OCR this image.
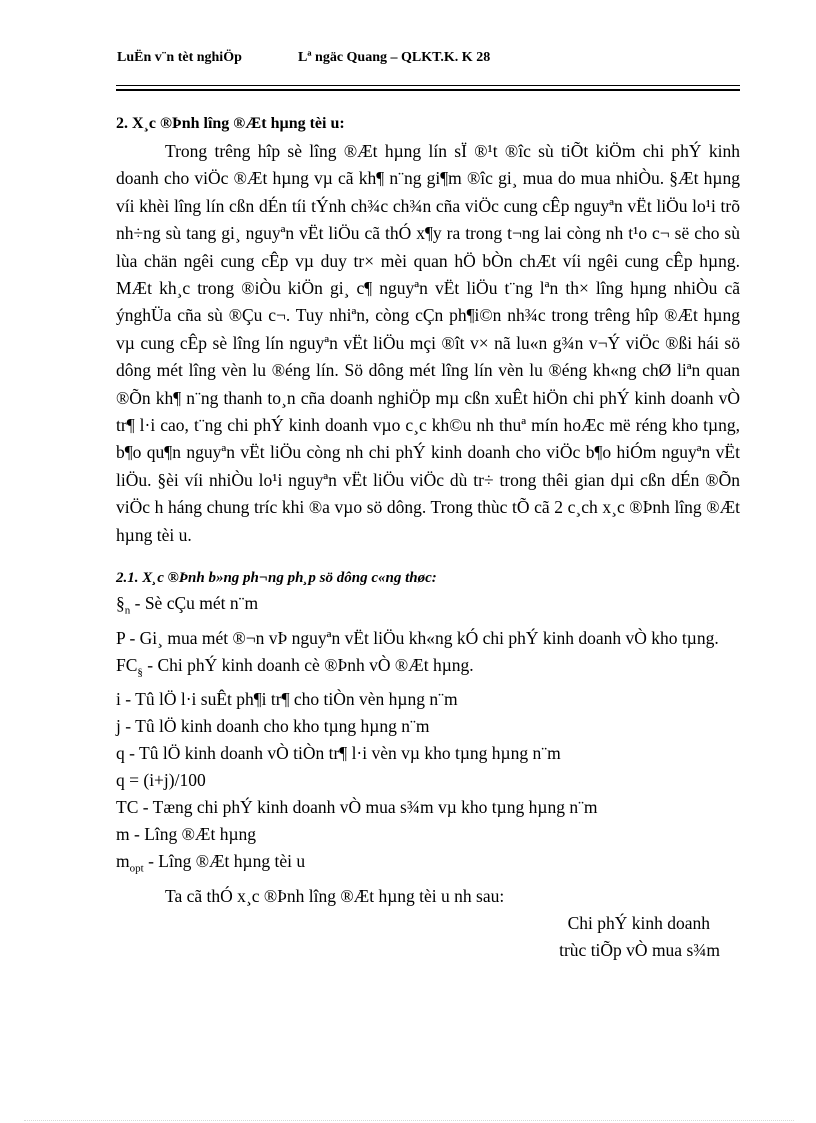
LuËn v¨n tèt nghiÖp	Lª ngäc Quang – QLKT.K. K 28

2. X¸c ®Þnh lîng ®Æt hµng tèi u:

Trong trêng hîp sè lîng ®Æt hµng lín sÏ ®¹t ®îc sù tiÕt kiÖm chi phÝ kinh doanh cho viÖc ®Æt hµng vµ cã kh¶ n¨ng gi¶m ®îc gi¸ mua do mua nhiÒu. §Æt hµng víi khèi lîng lín cßn dÉn tíi tÝnh ch¾c ch¾n cña viÖc cung cÊp nguyªn vËt liÖu lo¹i trõ nh÷ng sù tang gi¸ nguyªn vËt liÖu cã thÓ x¶y ra trong t¬ng lai còng nh t¹o c¬ së cho sù lùa chän ngêi cung cÊp vµ duy tr× mèi quan hÖ bÒn chÆt víi ngêi cung cÊp hµng. MÆt kh¸c trong ®iÒu kiÖn gi¸ c¶ nguyªn vËt liÖu t¨ng lªn th× lîng hµng nhiÒu cã ýnghÜa cña sù ®Çu c¬. Tuy nhiªn, còng cÇn ph¶i©n nh¾c trong trêng hîp ®Æt hµng vµ cung cÊp sè lîng lín nguyªn vËt liÖu mçi ®ît v× nã lu«n g¾n v¬Ý viÖc ®ßi hái sö dông mét lîng vèn lu ®éng lín. Sö dông mét lîng lín vèn lu ®éng kh«ng chØ liªn quan ®Õn kh¶ n¨ng thanh to¸n cña doanh nghiÖp mµ cßn xuÊt hiÖn chi phÝ kinh doanh vÒ tr¶ l·i cao, t¨ng chi phÝ kinh doanh vµo c¸c kh©u nh thuª mín hoÆc më réng kho tµng, b¶o qu¶n nguyªn vËt liÖu còng nh chi phÝ kinh doanh cho viÖc b¶o hiÓm nguyªn vËt liÖu. §èi víi nhiÒu lo¹i nguyªn vËt liÖu viÖc dù tr÷ trong thêi gian dµi cßn dÉn ®Õn viÖc h háng chung tríc khi ®a vµo sö dông. Trong thùc tÕ cã 2 c¸ch x¸c ®Þnh lîng ®Æt hµng tèi u.

2.1. X¸c ®Þnh b»ng ph¬ng ph¸p sö dông c«ng thøc:

$\S_n$ - Sè cÇu mét n¨m

P - Gi¸ mua mét ®¬n vÞ nguyªn vËt liÖu kh«ng kÓ chi phÝ kinh doanh vÒ kho tµng.

$FC_\S$ - Chi phÝ kinh doanh cè ®Þnh vÒ ®Æt hµng.

i - Tû lÖ l·i suÊt ph¶i tr¶ cho tiÒn vèn hµng n¨m

j - Tû lÖ kinh doanh cho kho tµng hµng n¨m

q - Tû lÖ kinh doanh vÒ tiÒn tr¶ l·i vèn vµ kho tµng hµng n¨m

q = (i+j)/100

TC - Tæng chi phÝ kinh doanh vÒ mua s¾m vµ kho tµng hµng n¨m

m - Lîng ®Æt hµng

$m_{opt}$ - Lîng ®Æt hµng tèi u

Ta cã thÓ x¸c ®Þnh lîng ®Æt hµng tèi u nh sau:

Chi phÝ kinh doanh

trùc tiÕp vÒ mua s¾m
